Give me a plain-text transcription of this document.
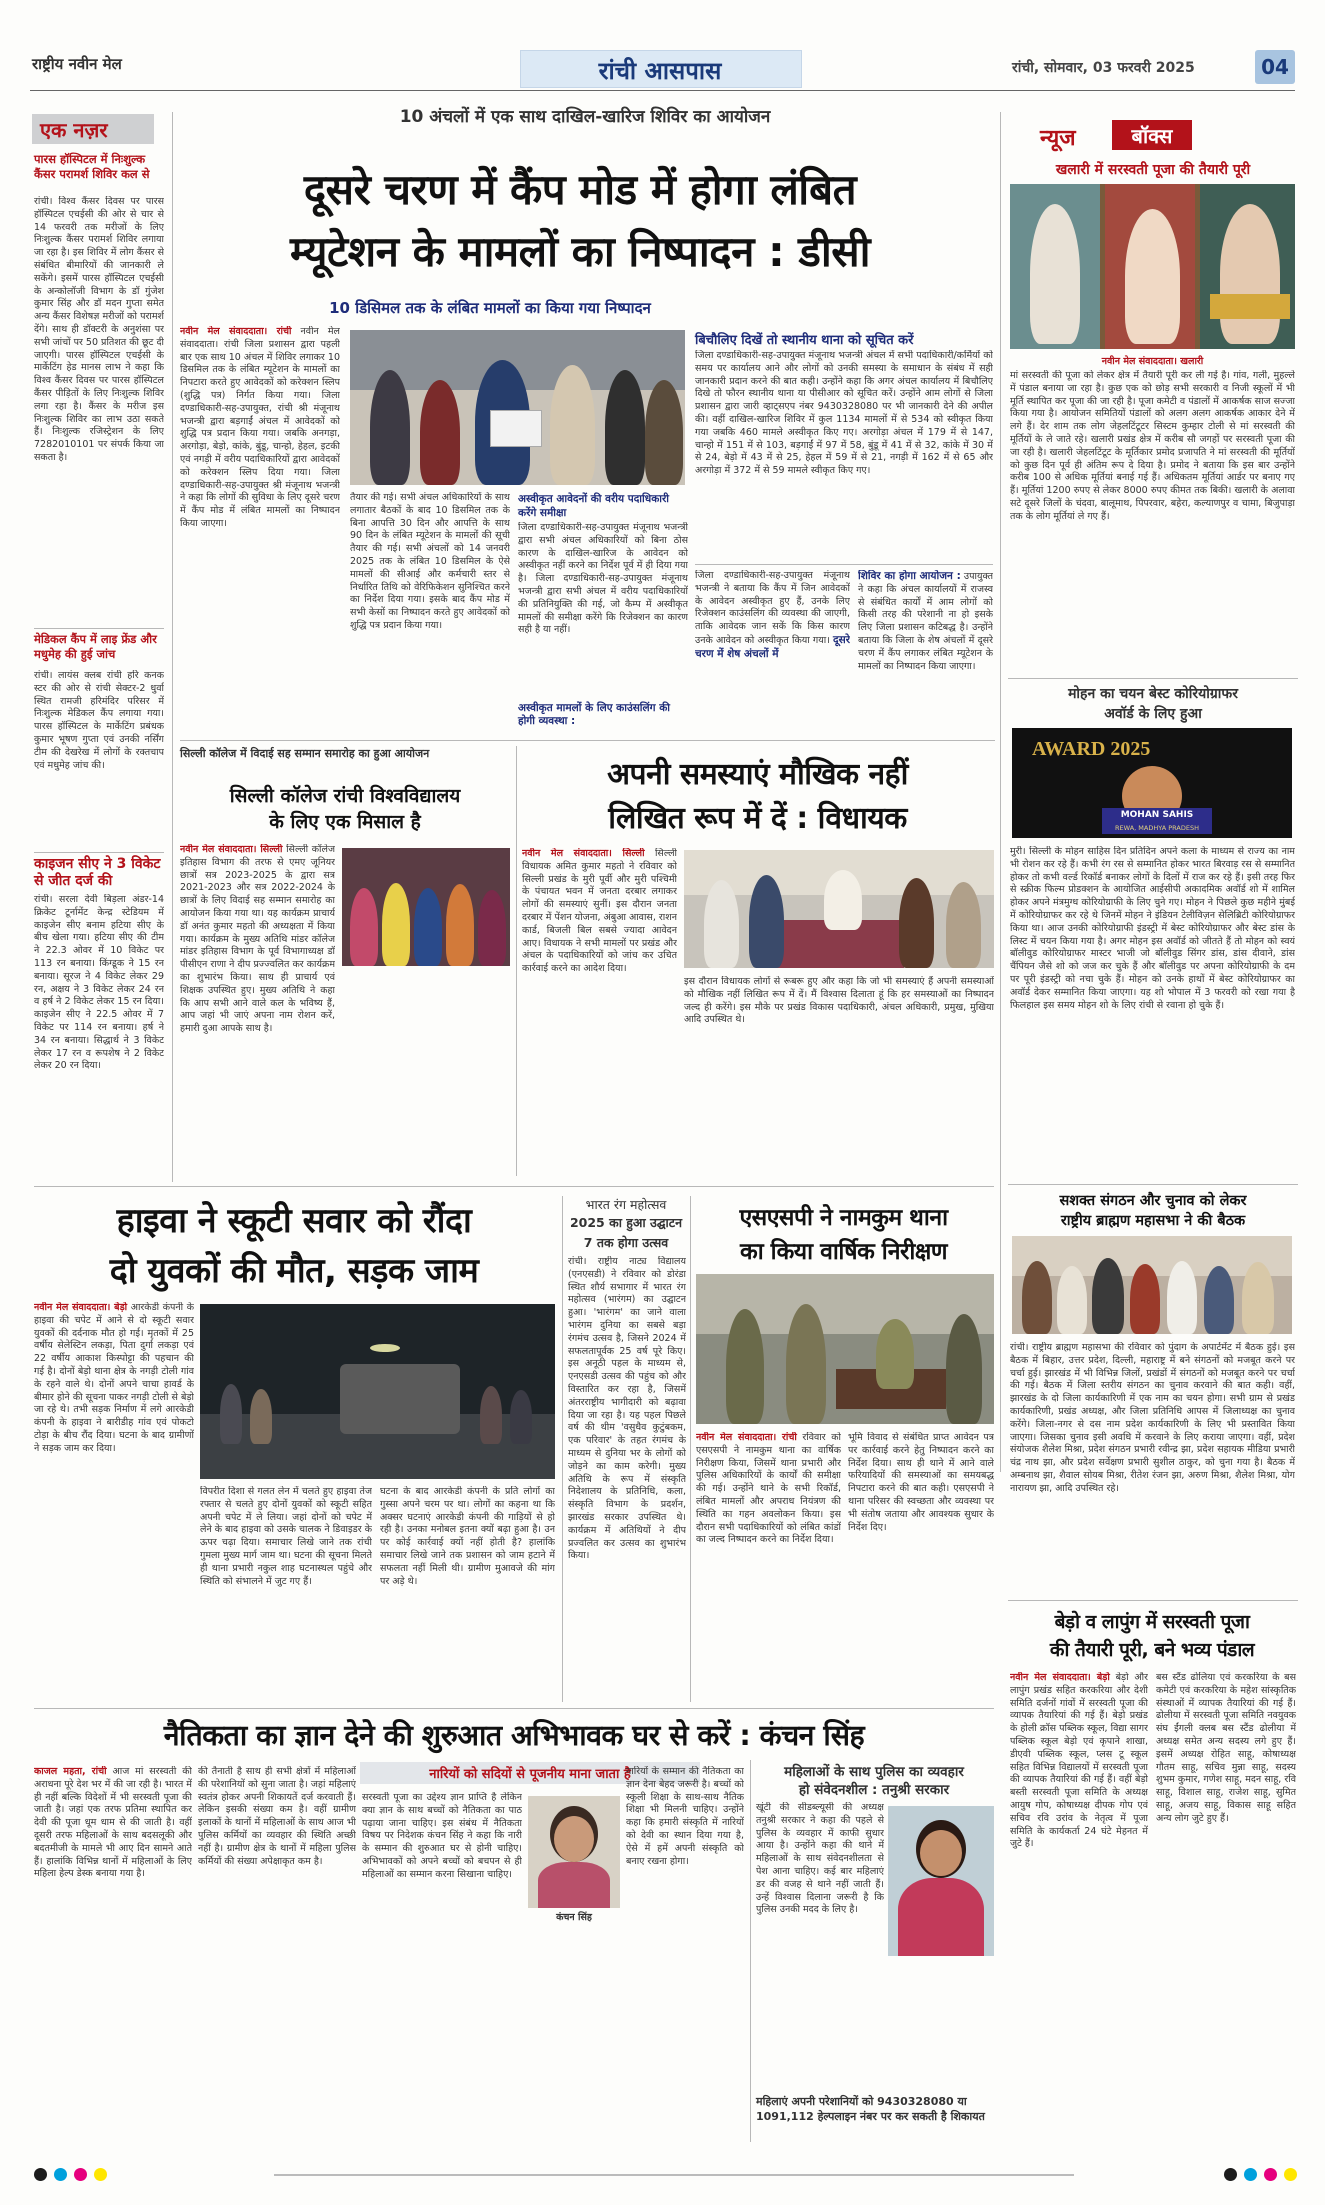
राष्ट्रीय नवीन मेल	रांची आसपास	रांची, सोमवार, 03 फरवरी 2025	04
एक नज़र
पारस हॉस्पिटल में निःशुल्क कैंसर परामर्श शिविर कल से
रांची। विश्व कैंसर दिवस पर पारस हॉस्पिटल एचईसी की ओर से चार से 14 फरवरी तक मरीजों के लिए निःशुल्क कैंसर परामर्श शिविर लगाया जा रहा है। इस शिविर में लोग कैंसर से संबंधित बीमारियों की जानकारी ले सकेंगे। इसमें पारस हॉस्पिटल एचईसी के अन्कोलॉजी विभाग के डॉ गुंजेश कुमार सिंह और डॉ मदन गुप्ता समेत अन्य कैंसर विशेषज्ञ मरीजों को परामर्श देंगे। साथ ही डॉक्टरी के अनुशंसा पर सभी जांचों पर 50 प्रतिशत की छूट दी जाएगी। पारस हॉस्पिटल एचईसी के मार्केटिंग हेड मानस लाभ ने कहा कि विश्व कैंसर दिवस पर पारस हॉस्पिटल कैंसर पीड़ितों के लिए निःशुल्क शिविर लगा रहा है। कैंसर के मरीज इस निःशुल्क शिविर का लाभ उठा सकते हैं। निःशुल्क रजिस्ट्रेशन के लिए 7282010101 पर संपर्क किया जा सकता है।
मेडिकल कैंप में लाइ फ्रेंड और मधुमेह की हुई जांच
रांची। लायंस क्लब रांची हरि कनक स्टर की ओर से रांची सेक्टर-2 धुर्वा स्थित रामजी हरिमंदिर परिसर में निःशुल्क मेडिकल कैंप लगाया गया। पारस हॉस्पिटल के मार्केटिंग प्रबंधक कुमार भूषण गुप्ता एवं उनकी नर्सिंग टीम की देखरेख में लोगों के रक्तचाप एवं मधुमेह जांच की।
काइजन सीए ने 3 विकेट से जीत दर्ज की
रांची। सरला देवी बिड़ला अंडर-14 क्रिकेट टूर्नामेंट केन्द्र स्टेडियम में काइजेन सीए बनाम हटिया सीए के बीच खेला गया। हटिया सीए की टीम ने 22.3 ओवर में 10 विकेट पर 113 रन बनाया। किंग्डूक ने 15 रन बनाया। सूरज ने 4 विकेट लेकर 29 रन, अक्षय ने 3 विकेट लेकर 24 रन व हर्ष ने 2 विकेट लेकर 15 रन दिया। काइजेन सीए ने 22.5 ओवर में 7 विकेट पर 114 रन बनाया। हर्ष ने 34 रन बनाया। सिद्धार्थ ने 3 विकेट लेकर 17 रन व रूपशेष ने 2 विकेट लेकर 20 रन दिया।
10 अंचलों में एक साथ दाखिल-खारिज शिविर का आयोजन
दूसरे चरण में कैंप मोड में होगा लंबित
म्यूटेशन के मामलों का निष्पादन : डीसी
10 डिसिमल तक के लंबित मामलों का किया गया निष्पादन
नवीन मेल संवाददाता। रांची नवीन मेल संवाददाता। रांची जिला प्रशासन द्वारा पहली बार एक साथ 10 अंचल में शिविर लगाकर 10 डिसमिल तक के लंबित म्यूटेशन के मामलों का निपटारा करते हुए आवेदकों को करेक्शन स्लिप (शुद्धि पत्र) निर्गत किया गया। जिला दण्डाधिकारी-सह-उपायुक्त, रांची श्री मंजूनाथ भजन्त्री द्वारा बड़गाईं अंचल में आवेदकों को शुद्धि पत्र प्रदान किया गया। जबकि अनगड़ा, अरगोड़ा, बेड़ो, कांके, बुंडू, चान्हो, हेहल, इटकी एवं नगड़ी में वरीय पदाधिकारियों द्वारा आवेदकों को करेक्शन स्लिप दिया गया। जिला दण्डाधिकारी-सह-उपायुक्त श्री मंजूनाथ भजन्त्री ने कहा कि लोगों की सुविधा के लिए दूसरे चरण में कैंप मोड में लंबित मामलों का निष्पादन किया जाएगा।
तैयार की गई। सभी अंचल अधिकारियों के साथ लगातार बैठकों के बाद 10 डिसमिल तक के बिना आपत्ति 30 दिन और आपत्ति के साथ 90 दिन के लंबित म्यूटेशन के मामलों की सूची तैयार की गई। सभी अंचलों को 14 जनवरी 2025 तक के लंबित 10 डिसमिल के ऐसे मामलों की सीआई और कर्मचारी स्तर से निर्धारित तिथि को वेरिफिकेशन सुनिश्चित करने का निर्देश दिया गया। इसके बाद कैंप मोड में सभी केसों का निष्पादन करते हुए आवेदकों को शुद्धि पत्र प्रदान किया गया।
अस्वीकृत आवेदनों की वरीय पदाधिकारी करेंगे समीक्षा
जिला दण्डाधिकारी-सह-उपायुक्त मंजूनाथ भजन्त्री द्वारा सभी अंचल अधिकारियों को बिना ठोस कारण के दाखिल-खारिज के आवेदन को अस्वीकृत नहीं करने का निर्देश पूर्व में ही दिया गया है। जिला दण्डाधिकारी-सह-उपायुक्त मंजूनाथ भजन्त्री द्वारा सभी अंचल में वरीय पदाधिकारियों की प्रतिनियुक्ति की गई, जो कैम्प में अस्वीकृत मामलों की समीक्षा करेंगे कि रिजेक्शन का कारण सही है या नहीं।
अस्वीकृत मामलों के लिए काउंसलिंग की होगी व्यवस्था :
बिचौलिए दिखें तो स्थानीय थाना को सूचित करें
जिला दण्डाधिकारी-सह-उपायुक्त मंजूनाथ भजन्त्री अंचल में सभी पदाधिकारी/कर्मियों को समय पर कार्यालय आने और लोगों को उनकी समस्या के समाधान के संबंध में सही जानकारी प्रदान करने की बात कही। उन्होंने कहा कि अगर अंचल कार्यालय में बिचौलिए दिखे तो फौरन स्थानीय थाना या पीसीआर को सूचित करें। उन्होंने आम लोगों से जिला प्रशासन द्वारा जारी व्हाट्सएप नंबर 9430328080 पर भी जानकारी देने की अपील की। वहीं दाखिल-खारिज शिविर में कुल 1134 मामलों में से 534 को स्वीकृत किया गया जबकि 460 मामले अस्वीकृत किए गए। अरगोड़ा अंचल में 179 में से 147, चान्हो में 151 में से 103, बड़गाईं में 97 में 58, बुंडू में 41 में से 32, कांके में 30 में से 24, बेड़ो में 43 में से 25, हेहल में 59 में से 21, नगड़ी में 162 में से 65 और अरगोड़ा में 372 में से 59 मामले स्वीकृत किए गए।
जिला दण्डाधिकारी-सह-उपायुक्त मंजूनाथ भजन्त्री ने बताया कि कैंप में जिन आवेदकों के आवेदन अस्वीकृत हुए हैं, उनके लिए रिजेक्शन काउंसलिंग की व्यवस्था की जाएगी, ताकि आवेदक जान सकें कि किस कारण उनके आवेदन को अस्वीकृत किया गया। दूसरे चरण में शेष अंचलों में
शिविर का होगा आयोजन : उपायुक्त ने कहा कि अंचल कार्यालयों में राजस्व से संबंधित कार्यों में आम लोगों को किसी तरह की परेशानी ना हो इसके लिए जिला प्रशासन कटिबद्ध है। उन्होंने बताया कि जिला के शेष अंचलों में दूसरे चरण में कैंप लगाकर लंबित म्यूटेशन के मामलों का निष्पादन किया जाएगा।
न्यूज	बॉक्स
खलारी में सरस्वती पूजा की तैयारी पूरी
नवीन मेल संवाददाता। खलारी
मां सरस्वती की पूजा को लेकर क्षेत्र में तैयारी पूरी कर ली गई है। गांव, गली, मुहल्ले में पंडाल बनाया जा रहा है। कुछ एक को छोड़ सभी सरकारी व निजी स्कूलों में भी मूर्ति स्थापित कर पूजा की जा रही है। पूजा कमेटी व पंडालों में आकर्षक साज सज्जा किया गया है। आयोजन समितियों पंडालों को अलग अलग आकर्षक आकार देने में लगे हैं। देर शाम तक लोग जेहलटिंटूटर सिस्टम कुम्हार टोली से मां सरस्वती की मूर्तियों के ले जाते रहे। खलारी प्रखंड क्षेत्र में करीब सौ जगहों पर सरस्वती पूजा की जा रही है। खलारी जेहलटिंटूट के मूर्तिकार प्रमोद प्रजापति ने मां सरस्वती की मूर्तियों को कुछ दिन पूर्व ही अंतिम रूप दे दिया है। प्रमोद ने बताया कि इस बार उन्होंने करीब 100 से अधिक मूर्तियां बनाई गई हैं। अधिकतम मूर्तियां आर्डर पर बनाए गए हैं। मूर्तियां 1200 रुपए से लेकर 8000 रुपए कीमत तक बिकी। खलारी के अलावा सटे दूसरे जिलों के चंदवा, बालूमाथ, पिपरवार, बहेरा, कल्याणपुर व चामा, बिजुपाड़ा तक के लोग मूर्तियां ले गए हैं।
मोहन का चयन बेस्ट कोरियोग्राफर
अवॉर्ड के लिए हुआ
AWARD 2025
MOHAN SAHIS
REWA, MADHYA PRADESH
मुरी। सिल्ली के मोहन साहिस दिन प्रतिदिन अपने कला के माध्यम से राज्य का नाम भी रोशन कर रहे हैं। कभी रंग रस से सम्मानित होकर भारत बिरवाड़ रस से सम्मानित होकर तो कभी वर्ल्ड रिकॉर्ड बनाकर लोगों के दिलों में राज कर रहे हैं। इसी तरह फिर से स्क्रीक फिल्म प्रोडक्शन के आयोजित आईसीपी अकादमिक अवॉर्ड शो में शामिल होकर अपने मंत्रमुग्ध कोरियोग्राफी के लिए चुने गए। मोहन ने पिछले कुछ महीने मुंबई में कोरियोग्राफर कर रहे थे जिनमें मोहन ने इंडियन टेलीविज़न सेलिब्रिटी कोरियोग्राफर किया था। आज उनकी कोरियोग्राफी इंडस्ट्री में बेस्ट कोरियोग्राफर और बेस्ट डांस के लिस्ट में चयन किया गया है। अगर मोहन इस अवॉर्ड को जीतते हैं तो मोहन को स्वयं बॉलीवुड कोरियोग्राफर मास्टर भाजी जो बॉलीवुड सिंगर डांस, डांस दीवाने, डांस चैंपियन जैसे शो को जज कर चुके हैं और बॉलीवुड पर अपना कोरियोग्राफी के दम पर पूरी इंडस्ट्री को नचा चुके हैं। मोहन को उनके हाथों में बेस्ट कोरियोग्राफर का अवॉर्ड देकर सम्मानित किया जाएगा। यह शो भोपाल में 3 फरवरी को रखा गया है फिलहाल इस समय मोहन शो के लिए रांची से रवाना हो चुके हैं।
सशक्त संगठन और चुनाव को लेकर
राष्ट्रीय ब्राह्मण महासभा ने की बैठक
रांची। राष्ट्रीय ब्राह्मण महासभा की रविवार को पुंदाग के अपार्टमेंट में बैठक हुई। इस बैठक में बिहार, उत्तर प्रदेश, दिल्ली, महाराष्ट्र में बने संगठनों को मजबूत करने पर चर्चा हुई। झारखंड में भी विभिन्न जिलों, प्रखंडों में संगठनों को मजबूत करने पर चर्चा की गई। बैठक में जिला स्तरीय संगठन का चुनाव करवाने की बात कही। वहीं, झारखंड के दो जिला कार्यकारिणी में एक नाम का चयन होगा। सभी ग्राम से प्रखंड कार्यकारिणी, प्रखंड अध्यक्ष, और जिला प्रतिनिधि आपस में जिलाध्यक्ष का चुनाव करेंगे। जिला-नगर से दस नाम प्रदेश कार्यकारिणी के लिए भी प्रस्तावित किया जाएगा। जिसका चुनाव इसी अवधि में करवाने के लिए कराया जाएगा। वहीं, प्रदेश संयोजक शैलेश मिश्रा, प्रदेश संगठन प्रभारी रवीन्द्र झा, प्रदेश सहायक मीडिया प्रभारी चंद्र नाथ झा, और प्रदेश सर्वेक्षण प्रभारी सुशील ठाकुर, को चुना गया है। बैठक में अम्बनाथ झा, शैवाल सोयब मिश्रा, रीतेश रंजन झा, अरुण मिश्रा, शैलेश मिश्रा, योग नारायण झा, आदि उपस्थित रहे।
सिल्ली कॉलेज में विदाई सह सम्मान समारोह का हुआ आयोजन
सिल्ली कॉलेज रांची विश्वविद्यालय
के लिए एक मिसाल है
नवीन मेल संवाददाता। सिल्ली सिल्ली कॉलेज इतिहास विभाग की तरफ से एमए जूनियर छात्रों सत्र 2023-2025 के द्वारा सत्र 2021-2023 और सत्र 2022-2024 के छात्रों के लिए विदाई सह सम्मान समारोह का आयोजन किया गया था। यह कार्यक्रम प्राचार्य डॉ अनंत कुमार महतो की अध्यक्षता में किया गया। कार्यक्रम के मुख्य अतिथि मांडर कॉलेज मांडर इतिहास विभाग के पूर्व विभागाध्यक्ष डॉ पीसीएन राणा ने दीप प्रज्ज्वलित कर कार्यक्रम का शुभारंभ किया। साथ ही प्राचार्य एवं शिक्षक उपस्थित हुए। मुख्य अतिथि ने कहा कि आप सभी आने वाले कल के भविष्य हैं, आप जहां भी जाएं अपना नाम रोशन करें, हमारी दुआ आपके साथ है।
अपनी समस्याएं मौखिक नहीं
लिखित रूप में दें : विधायक
नवीन मेल संवाददाता। सिल्ली सिल्ली विधायक अमित कुमार महतो ने रविवार को सिल्ली प्रखंड के मुरी पूर्वी और मुरी पश्चिमी के पंचायत भवन में जनता दरबार लगाकर लोगों की समस्याएं सुनीं। इस दौरान जनता दरबार में पेंशन योजना, अंबुआ आवास, राशन कार्ड, बिजली बिल सबसे ज्यादा आवेदन आए। विधायक ने सभी मामलों पर प्रखंड और अंचल के पदाधिकारियों को जांच कर उचित कार्रवाई करने का आदेश दिया।
इस दौरान विधायक लोगों से रूबरू हुए और कहा कि जो भी समस्याएं हैं अपनी समस्याओं को मौखिक नहीं लिखित रूप में दें। मैं विश्वास दिलाता हूं कि हर समस्याओं का निष्पादन जल्द ही करेंगे। इस मौके पर प्रखंड विकास पदाधिकारी, अंचल अधिकारी, प्रमुख, मुखिया आदि उपस्थित थे।
हाइवा ने स्कूटी सवार को रौंदा
दो युवकों की मौत, सड़क जाम
नवीन मेल संवाददाता। बेड़ो आरकेडी कंपनी के हाइवा की चपेट में आने से दो स्कूटी सवार युवकों की दर्दनाक मौत हो गई। मृतकों में 25 वर्षीय सेलेस्टिन लकड़ा, पिता दुर्गा लकड़ा एवं 22 वर्षीय आकाश किस्पोट्टा की पहचान की गई है। दोनों बेड़ो थाना क्षेत्र के नगड़ी टोली गांव के रहने वाले थे। दोनों अपने चाचा हावर्ड के बीमार होने की सूचना पाकर नगड़ी टोली से बेड़ो जा रहे थे। तभी सड़क निर्माण में लगे आरकेडी कंपनी के हाइवा ने बारीडीह गांव एवं पोकटो टोड़ा के बीच रौंद दिया। घटना के बाद ग्रामीणों ने सड़क जाम कर दिया।
विपरीत दिशा से गलत लेन में चलते हुए हाइवा तेज रफ्तार से चलते हुए दोनों युवकों को स्कूटी सहित अपनी चपेट में ले लिया। जहां दोनों को चपेट में लेने के बाद हाइवा को उसके चालक ने डिवाइडर के ऊपर चढ़ा दिया। समाचार लिखे जाने तक रांची गुमला मुख्य मार्ग जाम था। घटना की सूचना मिलते ही थाना प्रभारी नकुल शाह घटनास्थल पहुंचे और स्थिति को संभालने में जुट गए हैं।
घटना के बाद आरकेडी कंपनी के प्रति लोगों का गुस्सा अपने चरम पर था। लोगों का कहना था कि अक्सर घटनाएं आरकेडी कंपनी की गाड़ियों से हो रही है। उनका मनोबल इतना क्यों बढ़ा हुआ है। उन पर कोई कार्रवाई क्यों नहीं होती है? हालांकि समाचार लिखे जाने तक प्रशासन को जाम हटाने में सफलता नहीं मिली थी। ग्रामीण मुआवजे की मांग पर अड़े थे।
भारत रंग महोत्सव
2025 का हुआ उद्घाटन
7 तक होगा उत्सव
रांची। राष्ट्रीय नाट्य विद्यालय (एनएसडी) ने रविवार को डोरंडा स्थित शौर्य सभागार में भारत रंग महोत्सव (भारंगम) का उद्घाटन हुआ। 'भारंगम' का जाने वाला भारंगम दुनिया का सबसे बड़ा रंगमंच उत्सव है, जिसने 2024 में सफलतापूर्वक 25 वर्ष पूरे किए। इस अनूठी पहल के माध्यम से, एनएसडी उत्सव की पहुंच को और विस्तारित कर रहा है, जिसमें अंतरराष्ट्रीय भागीदारी को बढ़ावा दिया जा रहा है। यह पहल पिछले वर्ष की थीम 'वसुधैव कुटुंबकम, एक परिवार' के तहत रंगमंच के माध्यम से दुनिया भर के लोगों को जोड़ने का काम करेगी। मुख्य अतिथि के रूप में संस्कृति निदेशालय के प्रतिनिधि, कला, संस्कृति विभाग के प्रदर्शन, झारखंड सरकार उपस्थित थे। कार्यक्रम में अतिथियों ने दीप प्रज्वलित कर उत्सव का शुभारंभ किया।
एसएसपी ने नामकुम थाना
का किया वार्षिक निरीक्षण
नवीन मेल संवाददाता। रांची रविवार को एसएसपी ने नामकुम थाना का वार्षिक निरीक्षण किया, जिसमें थाना प्रभारी और पुलिस अधिकारियों के कार्यों की समीक्षा की गई। उन्होंने थाने के सभी रिकॉर्ड, लंबित मामलों और अपराध नियंत्रण की स्थिति का गहन अवलोकन किया। इस दौरान सभी पदाधिकारियों को लंबित कांडों का जल्द निष्पादन करने का निर्देश दिया।
भूमि विवाद से संबंधित प्राप्त आवेदन पत्र पर कार्रवाई करने हेतु निष्पादन करने का निर्देश दिया। साथ ही थाने में आने वाले फरियादियों की समस्याओं का समयबद्ध निपटारा करने की बात कही। एसएसपी ने थाना परिसर की स्वच्छता और व्यवस्था पर भी संतोष जताया और आवश्यक सुधार के निर्देश दिए।
बेड़ो व लापुंग में सरस्वती पूजा
की तैयारी पूरी, बने भव्य पंडाल
नवीन मेल संवाददाता। बेड़ो बेड़ो और लापुंग प्रखंड सहित करकरिया और देशी समिति दर्जनों गांवों में सरस्वती पूजा की व्यापक तैयारियां की गई हैं। बेड़ो प्रखंड के होली क्रॉस पब्लिक स्कूल, विद्या सागर पब्लिक स्कूल बेड़ो एवं कृपाने शाखा, डीएवी पब्लिक स्कूल, प्लस टू स्कूल सहित विभिन्न विद्यालयों में सरस्वती पूजा की व्यापक तैयारियां की गई हैं। वहीं बेड़ो बस्ती सरस्वती पूजा समिति के अध्यक्ष आयुष गोप, कोषाध्यक्ष दीपक गोप एवं सचिव रवि उरांव के नेतृत्व में पूजा समिति के कार्यकर्ता 24 घंटे मेहनत में जुटे हैं।
बस स्टैंड ढोलिया एवं करकरिया के बस कमेटी एवं करकरिया के महेश सांस्कृतिक संस्थाओं में व्यापक तैयारियां की गई हैं। ढोलीया में सरस्वती पूजा समिति नवयुवक संघ ईंगली क्लब बस स्टैंड ढोलीया में अध्यक्ष समेत अन्य सदस्य लगे हुए हैं। इसमें अध्यक्ष रोहित साहू, कोषाध्यक्ष गौतम साहू, सचिव मुन्ना साहू, सदस्य शुभम कुमार, गणेश साहू, मदन साहू, रवि साहू, विशाल साहू, राजेश साहू, सुमित साहू, अजय साहू, विकास साहू सहित अन्य लोग जुटे हुए हैं।
नैतिकता का ज्ञान देने की शुरुआत अभिभावक घर से करें : कंचन सिंह
नारियों को सदियों से पूजनीय माना जाता है
काजल महता, रांची आज मां सरस्वती की अराधना पूरे देश भर में की जा रही है। भारत में ही नहीं बल्कि विदेशों में भी सरस्वती पूजा की जाती है। जहां एक तरफ प्रतिमा स्थापित कर देवी की पूजा धूम धाम से की जाती है। वहीं दूसरी तरफ महिलाओं के साथ बदसलूकी और बदतमीजी के मामले भी आए दिन सामने आते हैं। हालांकि विभिन्न थानों में महिलाओं के लिए महिला हेल्प डेस्क बनाया गया है।
की तैनाती है साथ ही सभी क्षेत्रों में महिलाओं की परेशानियों को सुना जाता है। जहां महिलाएं स्वतंत्र होकर अपनी शिकायतें दर्ज करवाती हैं। लेकिन इसकी संख्या कम है। वहीं ग्रामीण इलाकों के थानों में महिलाओं के साथ आज भी पुलिस कर्मियों का व्यवहार की स्थिति अच्छी नहीं है। ग्रामीण क्षेत्र के थानों में महिला पुलिस कर्मियों की संख्या अपेक्षाकृत कम है।
सरस्वती पूजा का उद्देश्य ज्ञान प्राप्ति है लेकिन क्या ज्ञान के साथ बच्चों को नैतिकता का पाठ पढ़ाया जाना चाहिए। इस संबंध में नैतिकता विषय पर निदेशक कंचन सिंह ने कहा कि नारी के सम्मान की शुरुआत घर से होनी चाहिए। अभिभावकों को अपने बच्चों को बचपन से ही महिलाओं का सम्मान करना सिखाना चाहिए।
कंचन सिंह
नारियों के सम्मान की नैतिकता का ज्ञान देना बेहद जरूरी है। बच्चों को स्कूली शिक्षा के साथ-साथ नैतिक शिक्षा भी मिलनी चाहिए। उन्होंने कहा कि हमारी संस्कृति में नारियों को देवी का स्थान दिया गया है, ऐसे में हमें अपनी संस्कृति को बनाए रखना होगा।
महिलाओं के साथ पुलिस का व्यवहार
हो संवेदनशील : तनुश्री सरकार
खूंटी की सीडब्ल्यूसी की अध्यक्ष तनुश्री सरकार ने कहा की पहले से पुलिस के व्यवहार में काफी सुधार आया है। उन्होंने कहा की थाने में महिलाओं के साथ संवेदनशीलता से पेश आना चाहिए। कई बार महिलाएं डर की वजह से थाने नहीं जाती हैं। उन्हें विश्वास दिलाना जरूरी है कि पुलिस उनकी मदद के लिए है।
महिलाएं अपनी परेशानियों को 9430328080 या 1091,112 हेल्पलाइन नंबर पर कर सकती है शिकायत
